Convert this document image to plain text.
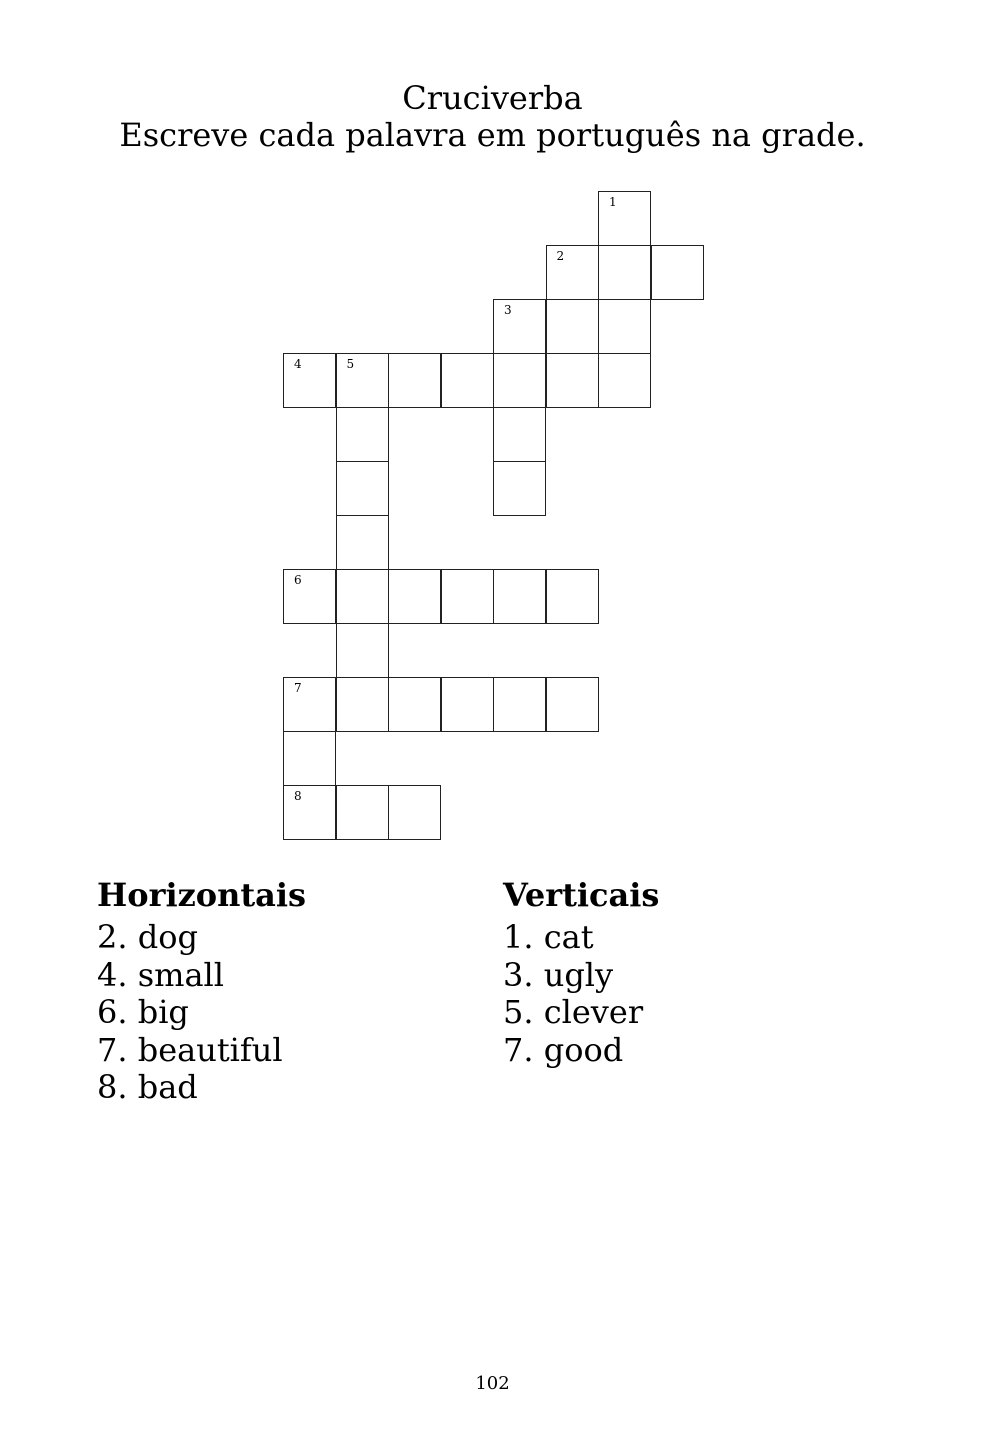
Cruciverba
Escreve cada palavra em português na grade.
1
2
3
4	5
6
7
8
Horizontais
2. dog
4. small
6. big
7. beautiful
8. bad
Verticais
1. cat
3. ugly
5. clever
7. good
102
